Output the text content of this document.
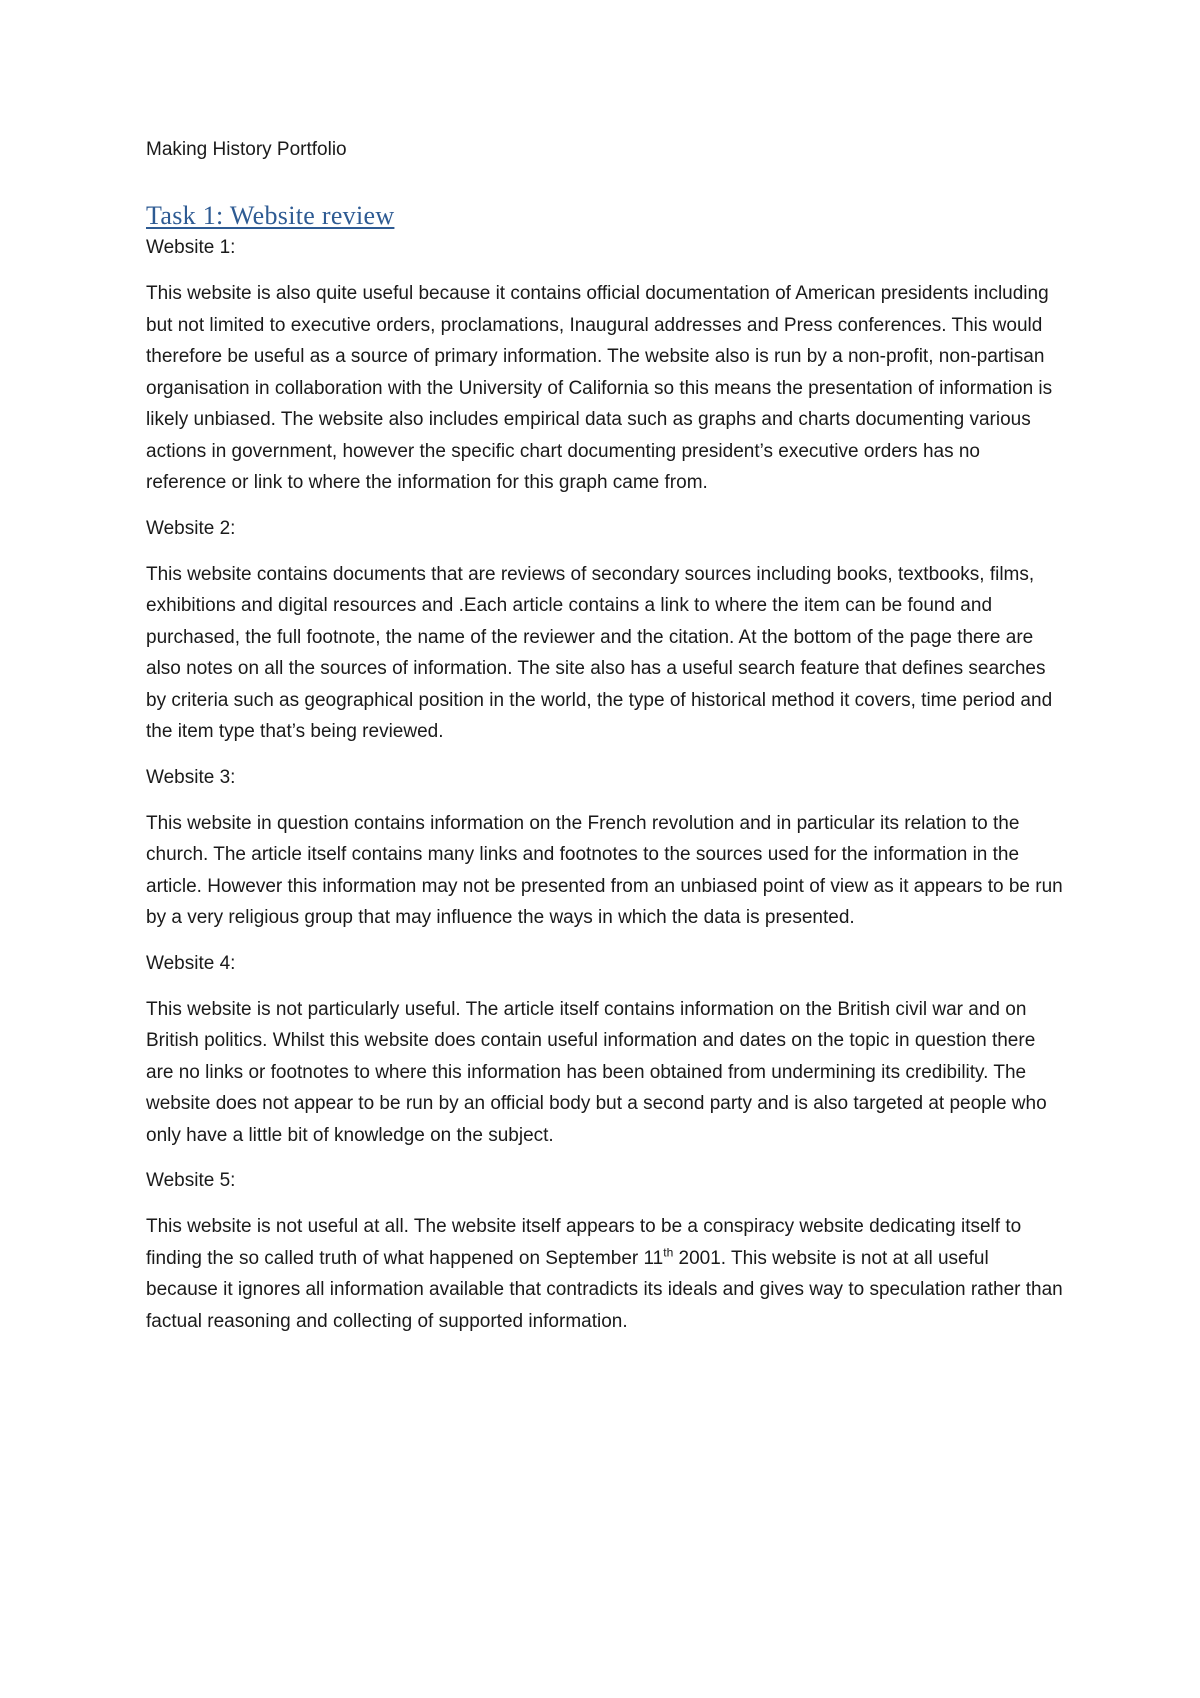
Making History Portfolio

Task 1: Website review

Website 1:

This website is also quite useful because it contains official documentation of American presidents including but not limited to executive orders, proclamations, Inaugural addresses and Press conferences. This would therefore be useful as a source of primary information. The website also is run by a non-profit, non-partisan organisation in collaboration with the University of California so this means the presentation of information is likely unbiased. The website also includes empirical data such as graphs and charts documenting various actions in government, however the specific chart documenting president’s executive orders has no reference or link to where the information for this graph came from.

Website 2:

This website contains documents that are reviews of secondary sources including books, textbooks, films, exhibitions and digital resources and .Each article contains a link to where the item can be found and purchased, the full footnote, the name of the reviewer and the citation. At the bottom of the page there are also notes on all the sources of information. The site also has a useful search feature that defines searches by criteria such as geographical position in the world, the type of historical method it covers, time period and the item type that’s being reviewed.

Website 3:

This website in question contains information on the French revolution and in particular its relation to the church. The article itself contains many links and footnotes to the sources used for the information in the article. However this information may not be presented from an unbiased point of view as it appears to be run by a very religious group that may influence the ways in which the data is presented.

Website 4:

This website is not particularly useful. The article itself contains information on the British civil war and on British politics. Whilst this website does contain useful information and dates on the topic in question there are no links or footnotes to where this information has been obtained from undermining its credibility. The website does not appear to be run by an official body but a second party and is also targeted at people who only have a little bit of knowledge on the subject.

Website 5:

This website is not useful at all. The website itself appears to be a conspiracy website dedicating itself to finding the so called truth of what happened on September 11th 2001. This website is not at all useful because it ignores all information available that contradicts its ideals and gives way to speculation rather than factual reasoning and collecting of supported information.
